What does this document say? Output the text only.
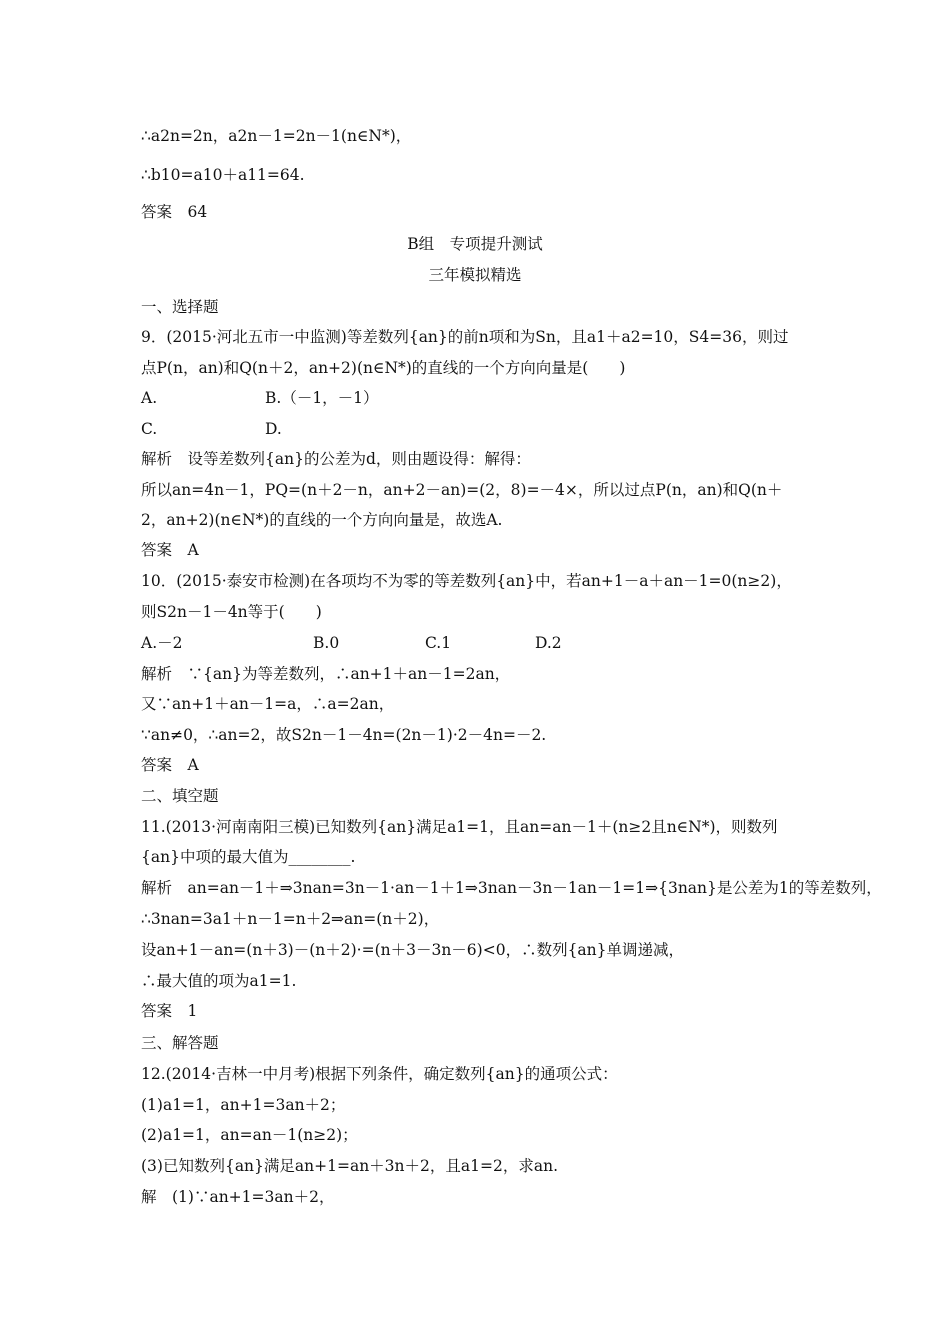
∴a2n=2n，a2n－1=2n－1(n∈N*)，
∴b10=a10＋a11=64.
答案　64
B组　专项提升测试
三年模拟精选
一、选择题
9．(2015·河北五市一中监测)等差数列{an}的前n项和为Sn，且a1＋a2=10，S4=36，则过
点P(n，an)和Q(n＋2，an+2)(n∈N*)的直线的一个方向向量是(　　)
A.	B.（－1，－1）
C.	D.
解析　设等差数列{an}的公差为d，则由题设得：解得：
所以an=4n－1，PQ=(n＋2－n，an+2－an)=(2，8)=－4×，所以过点P(n，an)和Q(n＋
2，an+2)(n∈N*)的直线的一个方向向量是，故选A.
答案　A
10．(2015·泰安市检测)在各项均不为零的等差数列{an}中，若an+1－a＋an－1=0(n≥2)，
则S2n－1－4n等于(　　)
A.－2	B.0	C.1	D.2
解析　∵{an}为等差数列，∴an+1＋an－1=2an，
又∵an+1＋an－1=a，∴a=2an，
∵an≠0，∴an=2，故S2n－1－4n=(2n－1)·2－4n=－2.
答案　A
二、填空题
11.(2013·河南南阳三模)已知数列{an}满足a1=1，且an=an－1＋(n≥2且n∈N*)，则数列
{an}中项的最大值为________.
解析　an=an－1＋⇒3nan=3n－1·an－1＋1⇒3nan－3n－1an－1=1⇒{3nan}是公差为1的等差数列，
∴3nan=3a1＋n－1=n＋2⇒an=(n＋2)，
设an+1－an=(n＋3)－(n＋2)·=(n＋3－3n－6)<0，∴数列{an}单调递减，
∴最大值的项为a1=1.
答案　1
三、解答题
12.(2014·吉林一中月考)根据下列条件，确定数列{an}的通项公式：
(1)a1=1，an+1=3an＋2；
(2)a1=1，an=an－1(n≥2)；
(3)已知数列{an}满足an+1=an＋3n＋2，且a1=2，求an.
解　(1)∵an+1=3an＋2，
